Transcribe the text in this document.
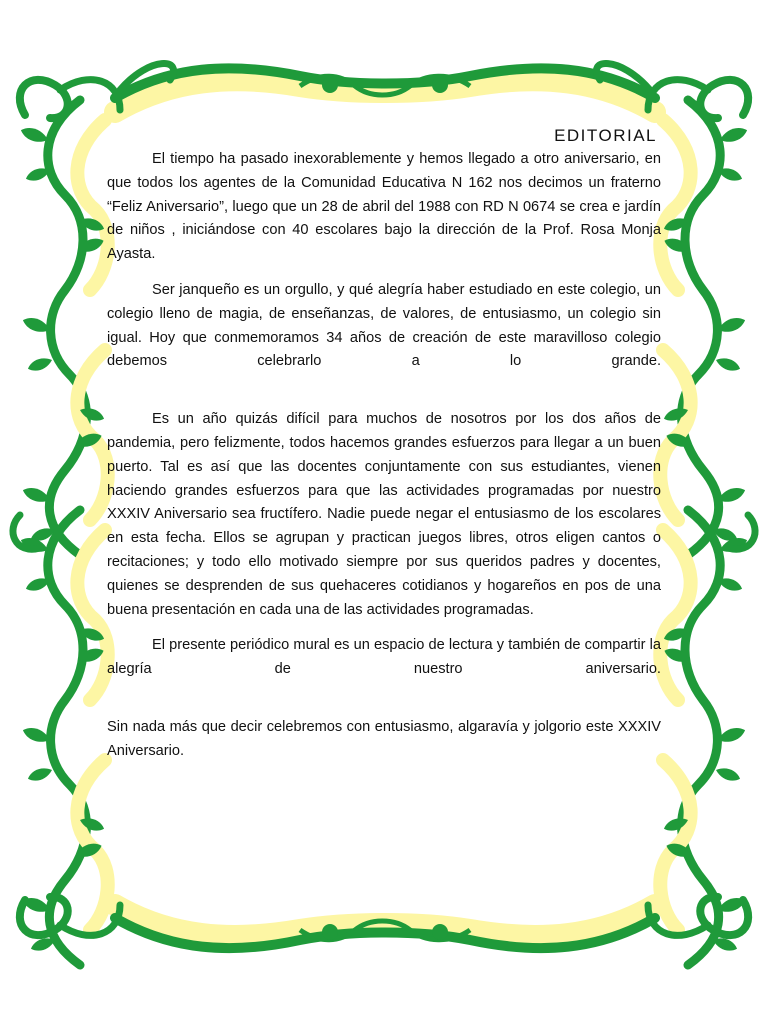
EDITORIAL

El tiempo ha pasado inexorablemente y hemos llegado a otro aniversario, en que todos los agentes de la Comunidad Educativa N 162 nos decimos un fraterno “Feliz Aniversario”, luego que un 28 de abril del 1988 con RD N 0674 se crea e jardín de niños , iniciándose con 40 escolares bajo la dirección de la Prof. Rosa Monja Ayasta.

Ser janqueño es un orgullo, y qué alegría haber estudiado en este colegio, un colegio lleno de magia, de enseñanzas, de valores, de entusiasmo, un colegio sin igual. Hoy que conmemoramos 34 años de creación de este maravilloso colegio debemos celebrarlo a lo grande.

Es un año quizás difícil para muchos de nosotros por los dos años de pandemia, pero felizmente, todos hacemos grandes esfuerzos para llegar a un buen puerto. Tal es así que las docentes conjuntamente con sus estudiantes, vienen haciendo grandes esfuerzos para que las actividades programadas por nuestro XXXIV Aniversario sea fructífero. Nadie puede negar el entusiasmo de los escolares en esta fecha. Ellos se agrupan y practican juegos libres, otros eligen cantos o recitaciones; y todo ello motivado siempre por sus queridos padres y docentes, quienes se desprenden de sus quehaceres cotidianos y hogareños en pos de una buena presentación en cada una de las actividades programadas.

El presente periódico mural es un espacio de lectura y también de compartir la alegría de nuestro aniversario.

Sin nada más que decir celebremos con entusiasmo, algaravía y jolgorio este XXXIV Aniversario.
